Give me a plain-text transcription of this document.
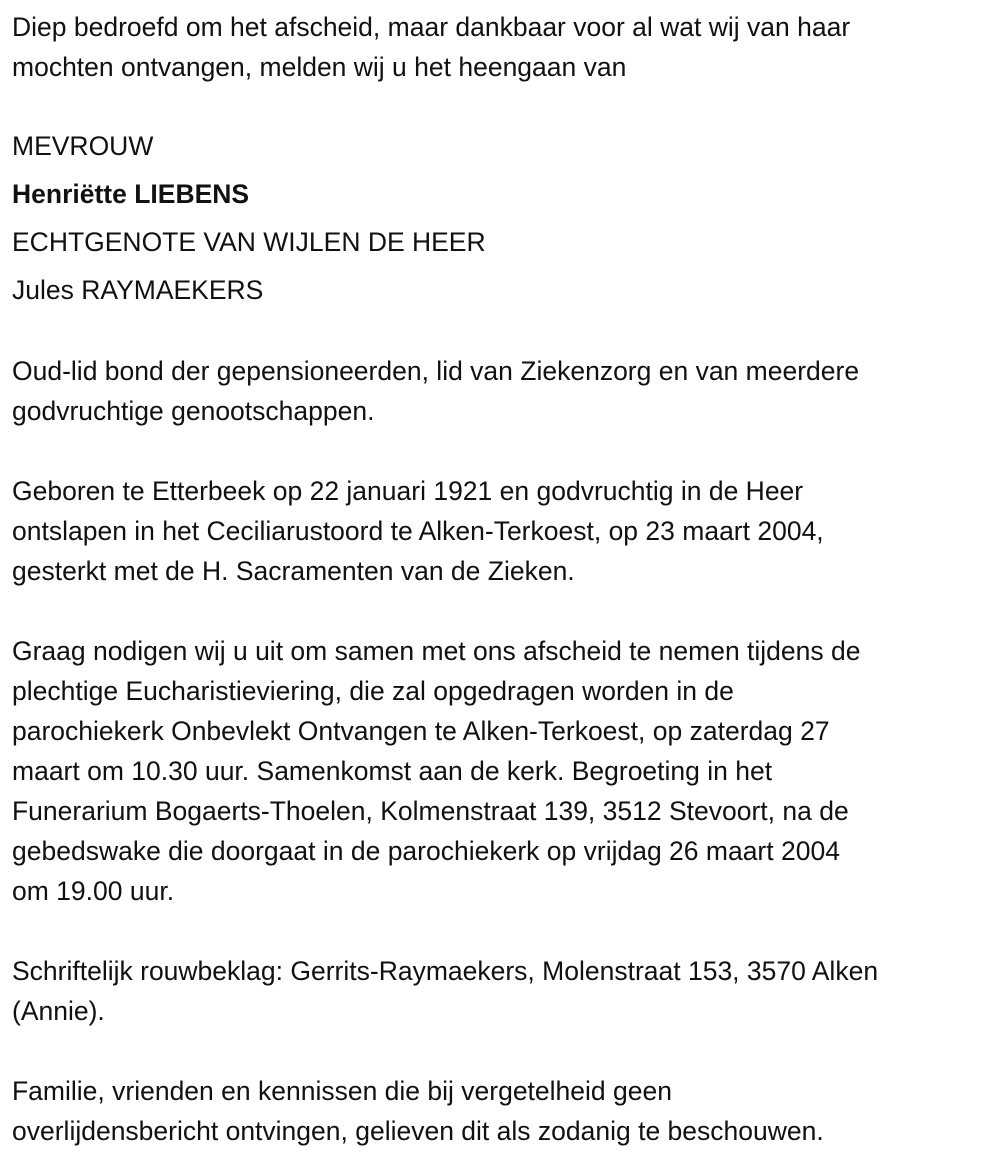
Diep bedroefd om het afscheid, maar dankbaar voor al wat wij van haar
mochten ontvangen, melden wij u het heengaan van
MEVROUW
Henriëtte LIEBENS
ECHTGENOTE VAN WIJLEN DE HEER
Jules RAYMAEKERS
Oud-lid bond der gepensioneerden, lid van Ziekenzorg en van meerdere
godvruchtige genootschappen.
Geboren te Etterbeek op 22 januari 1921 en godvruchtig in de Heer
ontslapen in het Ceciliarustoord te Alken-Terkoest, op 23 maart 2004,
gesterkt met de H. Sacramenten van de Zieken.
Graag nodigen wij u uit om samen met ons afscheid te nemen tijdens de
plechtige Eucharistieviering, die zal opgedragen worden in de
parochiekerk Onbevlekt Ontvangen te Alken-Terkoest, op zaterdag 27
maart om 10.30 uur. Samenkomst aan de kerk. Begroeting in het
Funerarium Bogaerts-Thoelen, Kolmenstraat 139, 3512 Stevoort, na de
gebedswake die doorgaat in de parochiekerk op vrijdag 26 maart 2004
om 19.00 uur.
Schriftelijk rouwbeklag: Gerrits-Raymaekers, Molenstraat 153, 3570 Alken
(Annie).
Familie, vrienden en kennissen die bij vergetelheid geen
overlijdensbericht ontvingen, gelieven dit als zodanig te beschouwen.
